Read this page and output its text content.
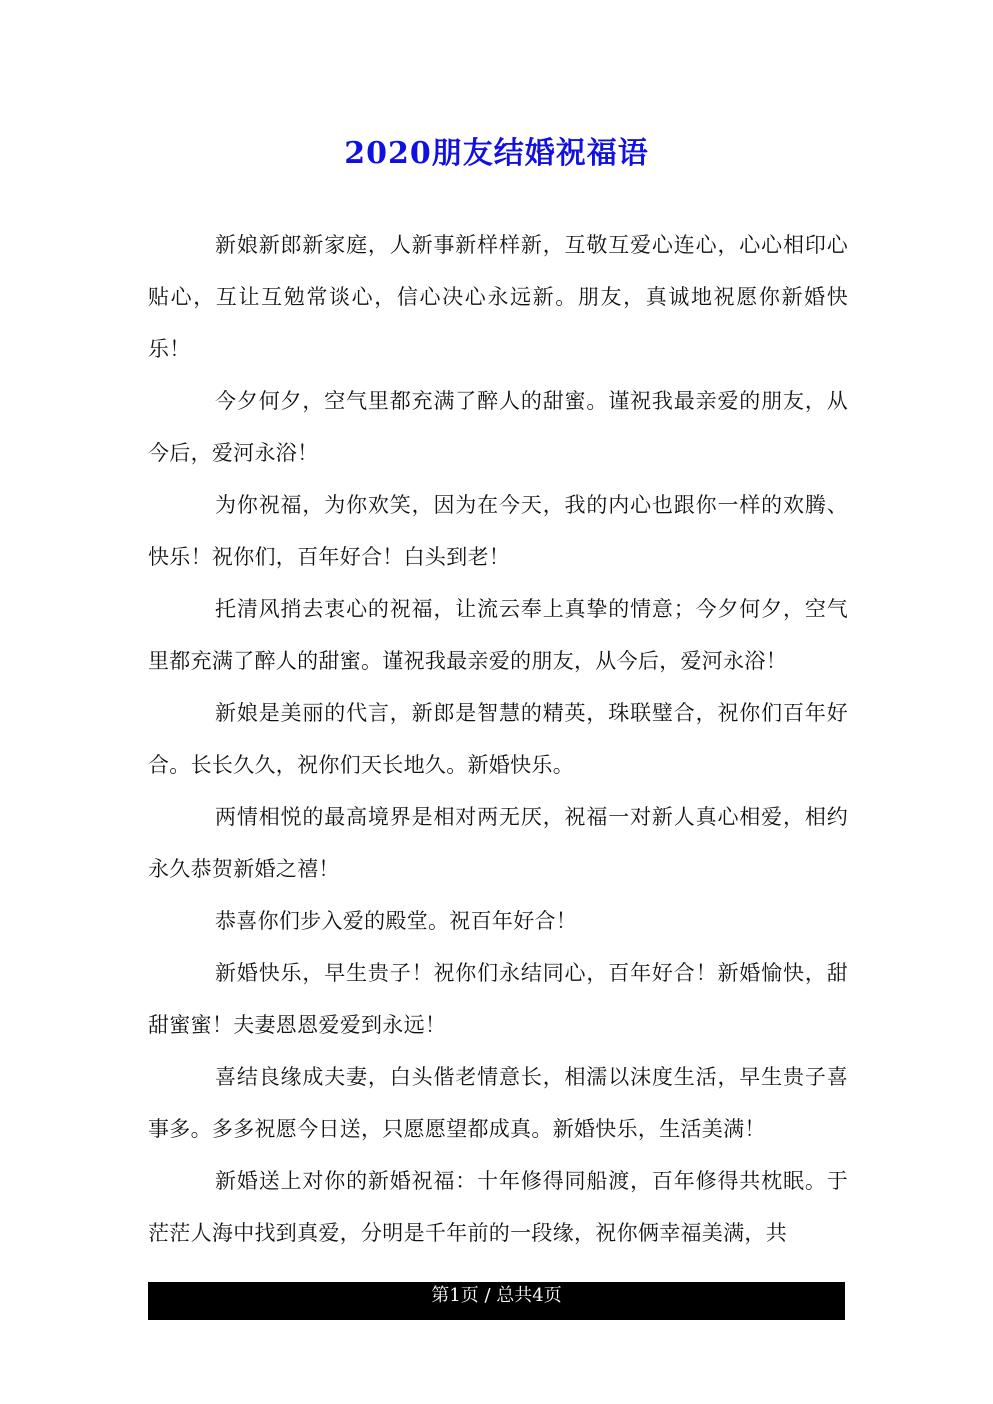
2020朋友结婚祝福语

新娘新郎新家庭，人新事新样样新，互敬互爱心连心，心心相印心贴心，互让互勉常谈心，信心决心永远新。朋友，真诚地祝愿你新婚快乐！

今夕何夕，空气里都充满了醉人的甜蜜。谨祝我最亲爱的朋友，从今后，爱河永浴！

为你祝福，为你欢笑，因为在今天，我的内心也跟你一样的欢腾、快乐！祝你们，百年好合！白头到老！

托清风捎去衷心的祝福，让流云奉上真挚的情意；今夕何夕，空气里都充满了醉人的甜蜜。谨祝我最亲爱的朋友，从今后，爱河永浴！

新娘是美丽的代言，新郎是智慧的精英，珠联璧合，祝你们百年好合。长长久久，祝你们天长地久。新婚快乐。

两情相悦的最高境界是相对两无厌，祝福一对新人真心相爱，相约永久恭贺新婚之禧！

恭喜你们步入爱的殿堂。祝百年好合！

新婚快乐，早生贵子！祝你们永结同心，百年好合！新婚愉快，甜甜蜜蜜！夫妻恩恩爱爱到永远！

喜结良缘成夫妻，白头偕老情意长，相濡以沫度生活，早生贵子喜事多。多多祝愿今日送，只愿愿望都成真。新婚快乐，生活美满！

新婚送上对你的新婚祝福：十年修得同船渡，百年修得共枕眠。于茫茫人海中找到真爱，分明是千年前的一段缘，祝你俩幸福美满，共

第1页 / 总共4页
